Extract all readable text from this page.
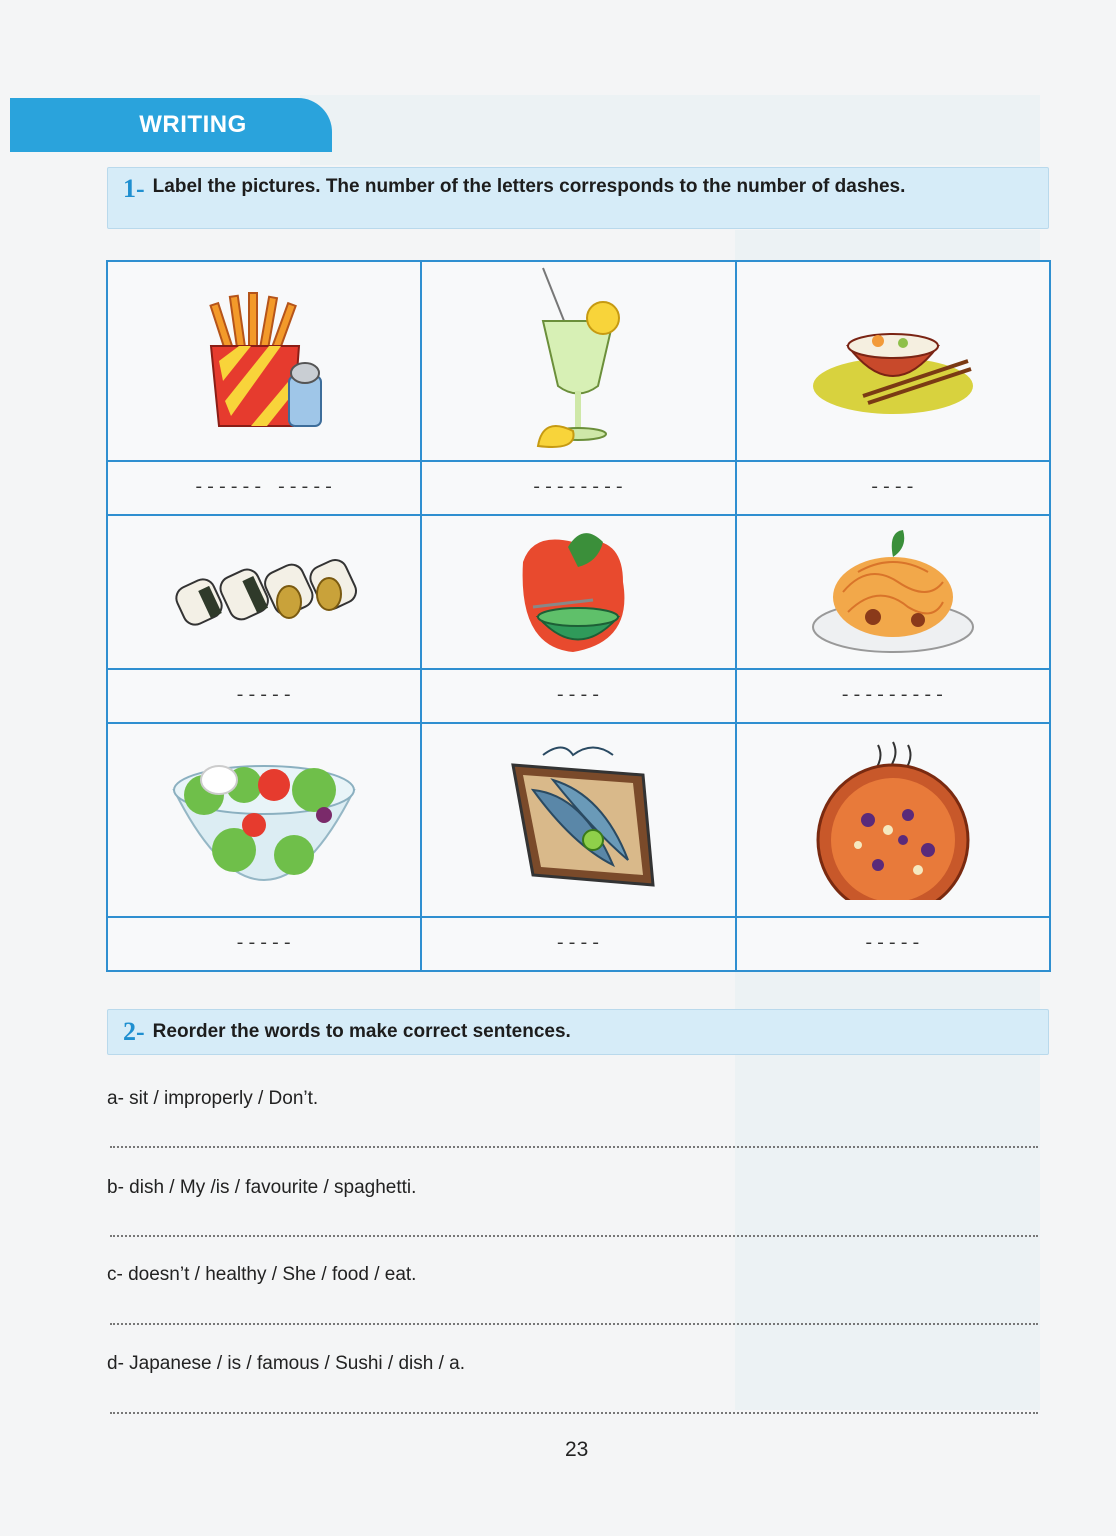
WRITING
1- Label the pictures. The number of the letters corresponds to the number of dashes.

------ -----	--------	----

-----	----	---------

-----	----	-----
2- Reorder the words to make correct sentences.
a- sit / improperly / Don’t.
b- dish / My /is / favourite / spaghetti.
c- doesn’t / healthy / She / food / eat.
d- Japanese / is / famous / Sushi / dish / a.
23
